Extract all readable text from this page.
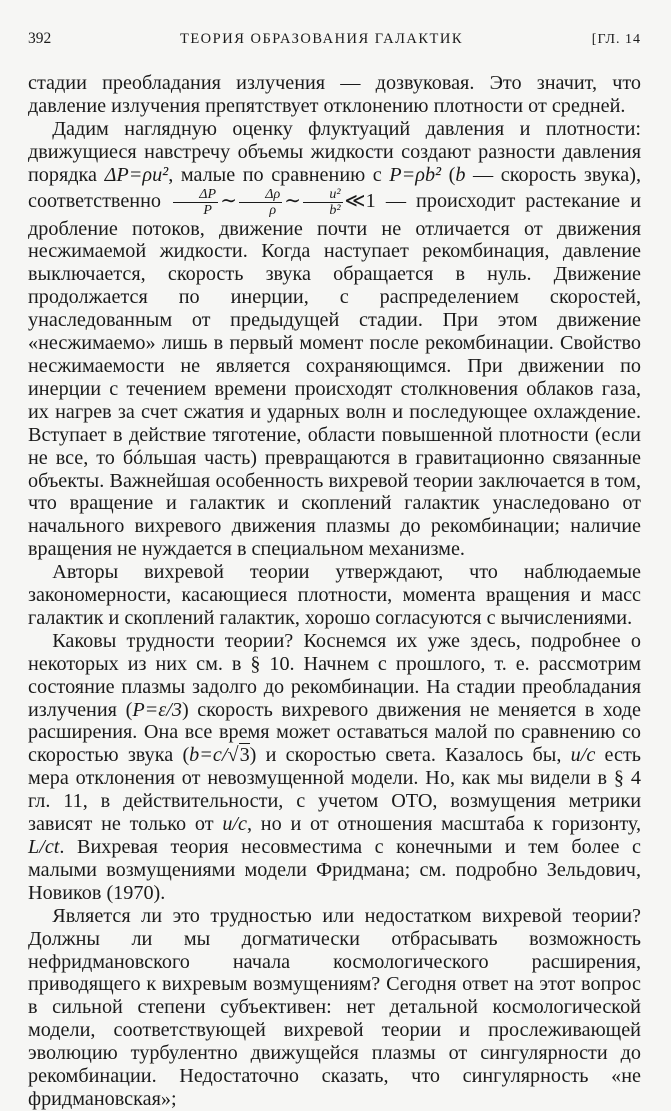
392	ТЕОРИЯ ОБРАЗОВАНИЯ ГАЛАКТИК	[ГЛ. 14

стадии преобладания излучения — дозвуковая. Это значит, что давление излучения препятствует отклонению плотности от средней.

Дадим наглядную оценку флуктуаций давления и плотности: движущиеся навстречу объемы жидкости создают разности давления порядка ΔP=ρu², малые по сравнению с P=ρb² (b — скорость звука), соответственно $\frac{\Delta P}{P}$ ∼ $\frac{\Delta\rho}{\rho}$ ∼ $\frac{\text{u²}}{\text{b²}}$ ≪1 — происходит растекание и дробление потоков, движение почти не отличается от движения несжимаемой жидкости. Когда наступает рекомбинация, давление выключается, скорость звука обращается в нуль. Движение продолжается по инерции, с распределением скоростей, унаследованным от предыдущей стадии. При этом движение «несжимаемо» лишь в первый момент после рекомбинации. Свойство несжимаемости не является сохраняющимся. При движении по инерции с течением времени происходят столкновения облаков газа, их нагрев за счет сжатия и ударных волн и последующее охлаждение. Вступает в действие тяготение, области повышенной плотности (если не все, то бóльшая часть) превращаются в гравитационно связанные объекты. Важнейшая особенность вихревой теории заключается в том, что вращение и галактик и скоплений галактик унаследовано от начального вихревого движения плазмы до рекомбинации; наличие вращения не нуждается в специальном механизме.

Авторы вихревой теории утверждают, что наблюдаемые закономерности, касающиеся плотности, момента вращения и масс галактик и скоплений галактик, хорошо согласуются с вычислениями.

Каковы трудности теории? Коснемся их уже здесь, подробнее о некоторых из них см. в § 10. Начнем с прошлого, т. е. рассмотрим состояние плазмы задолго до рекомбинации. На стадии преобладания излучения (P=ε/3) скорость вихревого движения не меняется в ходе расширения. Она все время может оставаться малой по сравнению со скоростью звука (b=c/√3) и скоростью света. Казалось бы, u/c есть мера отклонения от невозмущенной модели. Но, как мы видели в § 4 гл. 11, в действительности, с учетом ОТО, возмущения метрики зависят не только от u/c, но и от отношения масштаба к горизонту, L/ct. Вихревая теория несовместима с конечными и тем более с малыми возмущениями модели Фридмана; см. подробно Зельдович, Новиков (1970).

Является ли это трудностью или недостатком вихревой теории? Должны ли мы догматически отбрасывать возможность нефридмановского начала космологического расширения, приводящего к вихревым возмущениям? Сегодня ответ на этот вопрос в сильной степени субъективен: нет детальной космологической модели, соответствующей вихревой теории и прослеживающей эволюцию турбулентно движущейся плазмы от сингулярности до рекомбинации. Недостаточно сказать, что сингулярность «не фридмановская»;
